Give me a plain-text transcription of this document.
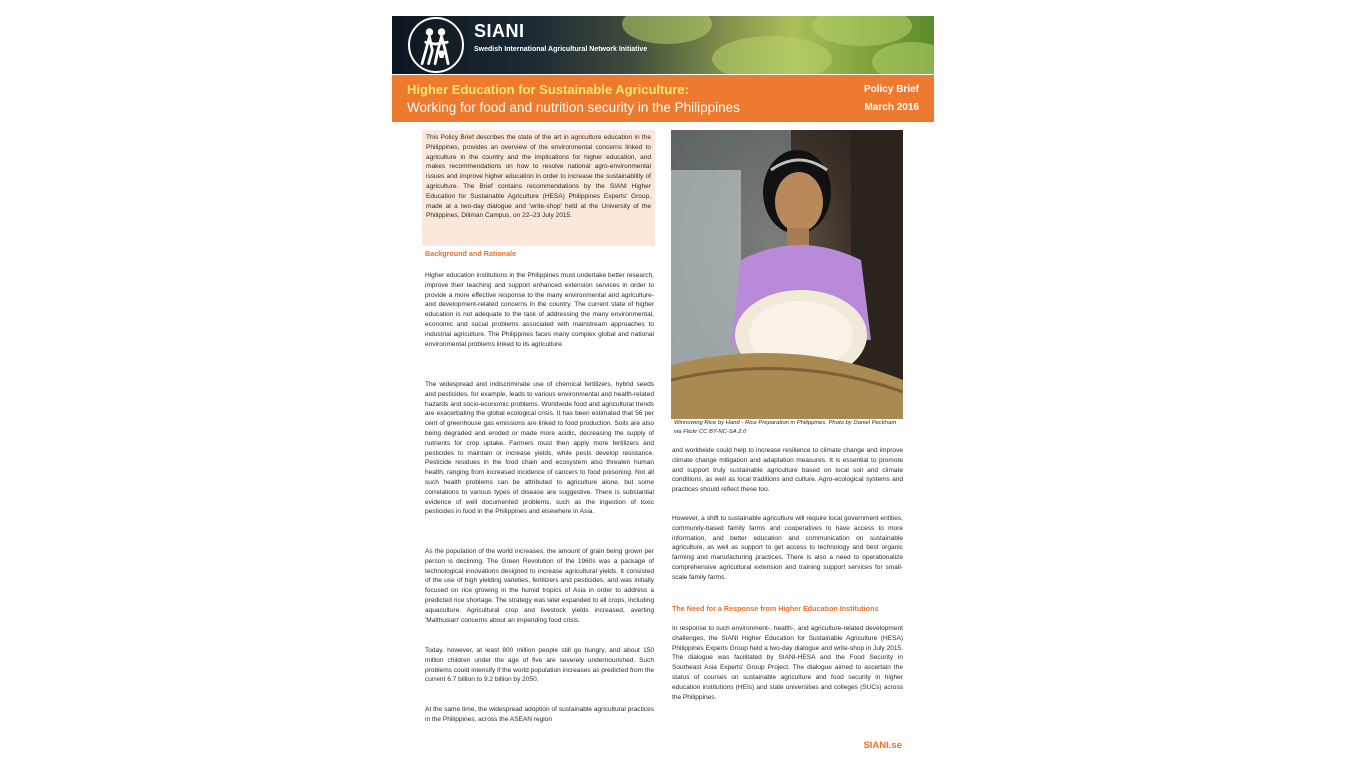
SIANI
Swedish International Agricultural Network Initiative
Higher Education for Sustainable Agriculture:
Working for food and nutrition security in the Philippines
Policy Brief
March 2016
This Policy Brief describes the state of the art in agriculture education in the Philippines, provides an overview of the environmental concerns linked to agriculture in the country and the implications for higher education, and makes recommendations on how to resolve national agro-environmental issues and improve higher education in order to increase the sustainability of agriculture. The Brief contains recommendations by the SIANI Higher Education for Sustainable Agriculture (HESA) Philippines Experts' Group, made at a two-day dialogue and 'write-shop' held at the University of the Philippines, Diliman Campus, on 22–23 July 2015.
Background and Rationale

Higher education institutions in the Philippines must undertake better research, improve their teaching and support enhanced extension services in order to provide a more effective response to the many environmental and agriculture- and development-related concerns in the country. The current state of higher education is not adequate to the task of addressing the many environmental, economic and social problems associated with mainstream approaches to industrial agriculture. The Philippines faces many complex global and national environmental problems linked to its agriculture.

The widespread and indiscriminate use of chemical fertilizers, hybrid seeds and pesticides, for example, leads to various environmental and health-related hazards and socio-economic problems. Worldwide food and agricultural trends are exacerbating the global ecological crisis. It has been estimated that 56 per cent of greenhouse gas emissions are linked to food production. Soils are also being degraded and eroded or made more acidic, decreasing the supply of nutrients for crop uptake. Farmers must then apply more fertilizers and pesticides to maintain or increase yields, while pests develop resistance. Pesticide residues in the food chain and ecosystem also threaten human health, ranging from increased incidence of cancers to food poisoning. Not all such health problems can be attributed to agriculture alone, but some correlations to various types of disease are suggestive. There is substantial evidence of well documented problems, such as the ingestion of toxic pesticides in food in the Philippines and elsewhere in Asia.

As the population of the world increases, the amount of grain being grown per person is declining. The Green Revolution of the 1960s was a package of technological innovations designed to increase agricultural yields. It consisted of the use of high yielding varieties, fertilizers and pesticides, and was initially focused on rice growing in the humid tropics of Asia in order to address a predicted rice shortage. The strategy was later expanded to all crops, including aquaculture. Agricultural crop and livestock yields increased, averting 'Malthusian' concerns about an impending food crisis.

Today, however, at least 800 million people still go hungry, and about 150 million children under the age of five are severely undernourished. Such problems could intensify if the world population increases as predicted from the current 6.7 billion to 9.2 billion by 2050.

At the same time, the widespread adoption of sustainable agricultural practices in the Philippines, across the ASEAN region

Winnowing Rice by Hand - Rice Preparation in Philippines. Photo by Daniel Peckham via Flickr CC BY-NC-SA 2.0

and worldwide could help to increase resilience to climate change and improve climate change mitigation and adaptation measures. It is essential to promote and support truly sustainable agriculture based on local soil and climate conditions, as well as local traditions and culture. Agro-ecological systems and practices should reflect these too.

However, a shift to sustainable agriculture will require local government entities, community-based family farms and cooperatives to have access to more information, and better education and communication on sustainable agriculture, as well as support to get access to technology and best organic farming and manufacturing practices. There is also a need to operationalize comprehensive agricultural extension and training support services for small-scale family farms.

The Need for a Response from Higher Education Institutions

In response to such environment-, health-, and agriculture-related development challenges, the SIANI Higher Education for Sustainable Agriculture (HESA) Philippines Experts Group held a two-day dialogue and write-shop in July 2015. The dialogue was facilitated by SIANI-HESA and the Food Security in Southeast Asia Experts' Group Project. The dialogue aimed to ascertain the status of courses on sustainable agriculture and food security in higher education institutions (HEIs) and state universities and colleges (SUCs) across the Philippines.

SIANI.se
